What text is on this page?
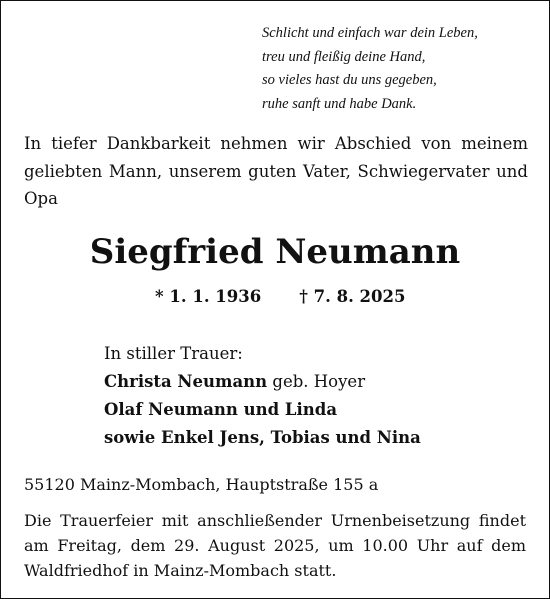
Schlicht und einfach war dein Leben,
treu und fleißig deine Hand,
so vieles hast du uns gegeben,
ruhe sanft und habe Dank.
In tiefer Dankbarkeit nehmen wir Abschied von meinem geliebten Mann, unserem guten Vater, Schwiegervater und Opa
Siegfried Neumann
* 1. 1. 1936 † 7. 8. 2025
In stiller Trauer:
Christa Neumann geb. Hoyer
Olaf Neumann und Linda
sowie Enkel Jens, Tobias und Nina
55120 Mainz-Mombach, Hauptstraße 155 a
Die Trauerfeier mit anschließender Urnenbeisetzung findet
am Freitag, dem 29. August 2025, um 10.00 Uhr auf dem
Waldfriedhof in Mainz-Mombach statt.
